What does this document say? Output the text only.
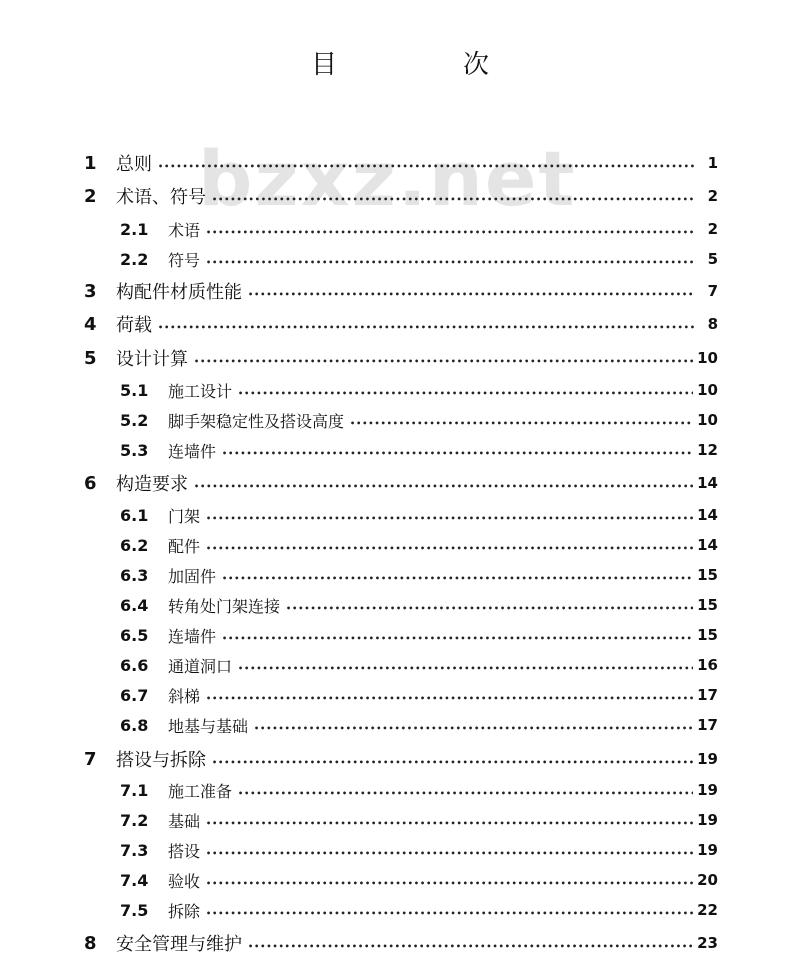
目　次
bzxz.net
1	总则 •••••	1
2	术语、符号 •••••	2
2.1	术语 •••••	2
2.2	符号 •••••	5
3	构配件材质性能 •••••	7
4	荷载 •••••	8
5	设计计算 •••••	10
5.1	施工设计 •••••	10
5.2	脚手架稳定性及搭设高度 •••••	10
5.3	连墙件 •••••	12
6	构造要求 •••••	14
6.1	门架 •••••	14
6.2	配件 •••••	14
6.3	加固件 •••••	15
6.4	转角处门架连接 •••••	15
6.5	连墙件 •••••	15
6.6	通道洞口 •••••	16
6.7	斜梯 •••••	17
6.8	地基与基础 •••••	17
7	搭设与拆除 •••••	19
7.1	施工准备 •••••	19
7.2	基础 •••••	19
7.3	搭设 •••••	19
7.4	验收 •••••	20
7.5	拆除 •••••	22
8	安全管理与维护 •••••	23
